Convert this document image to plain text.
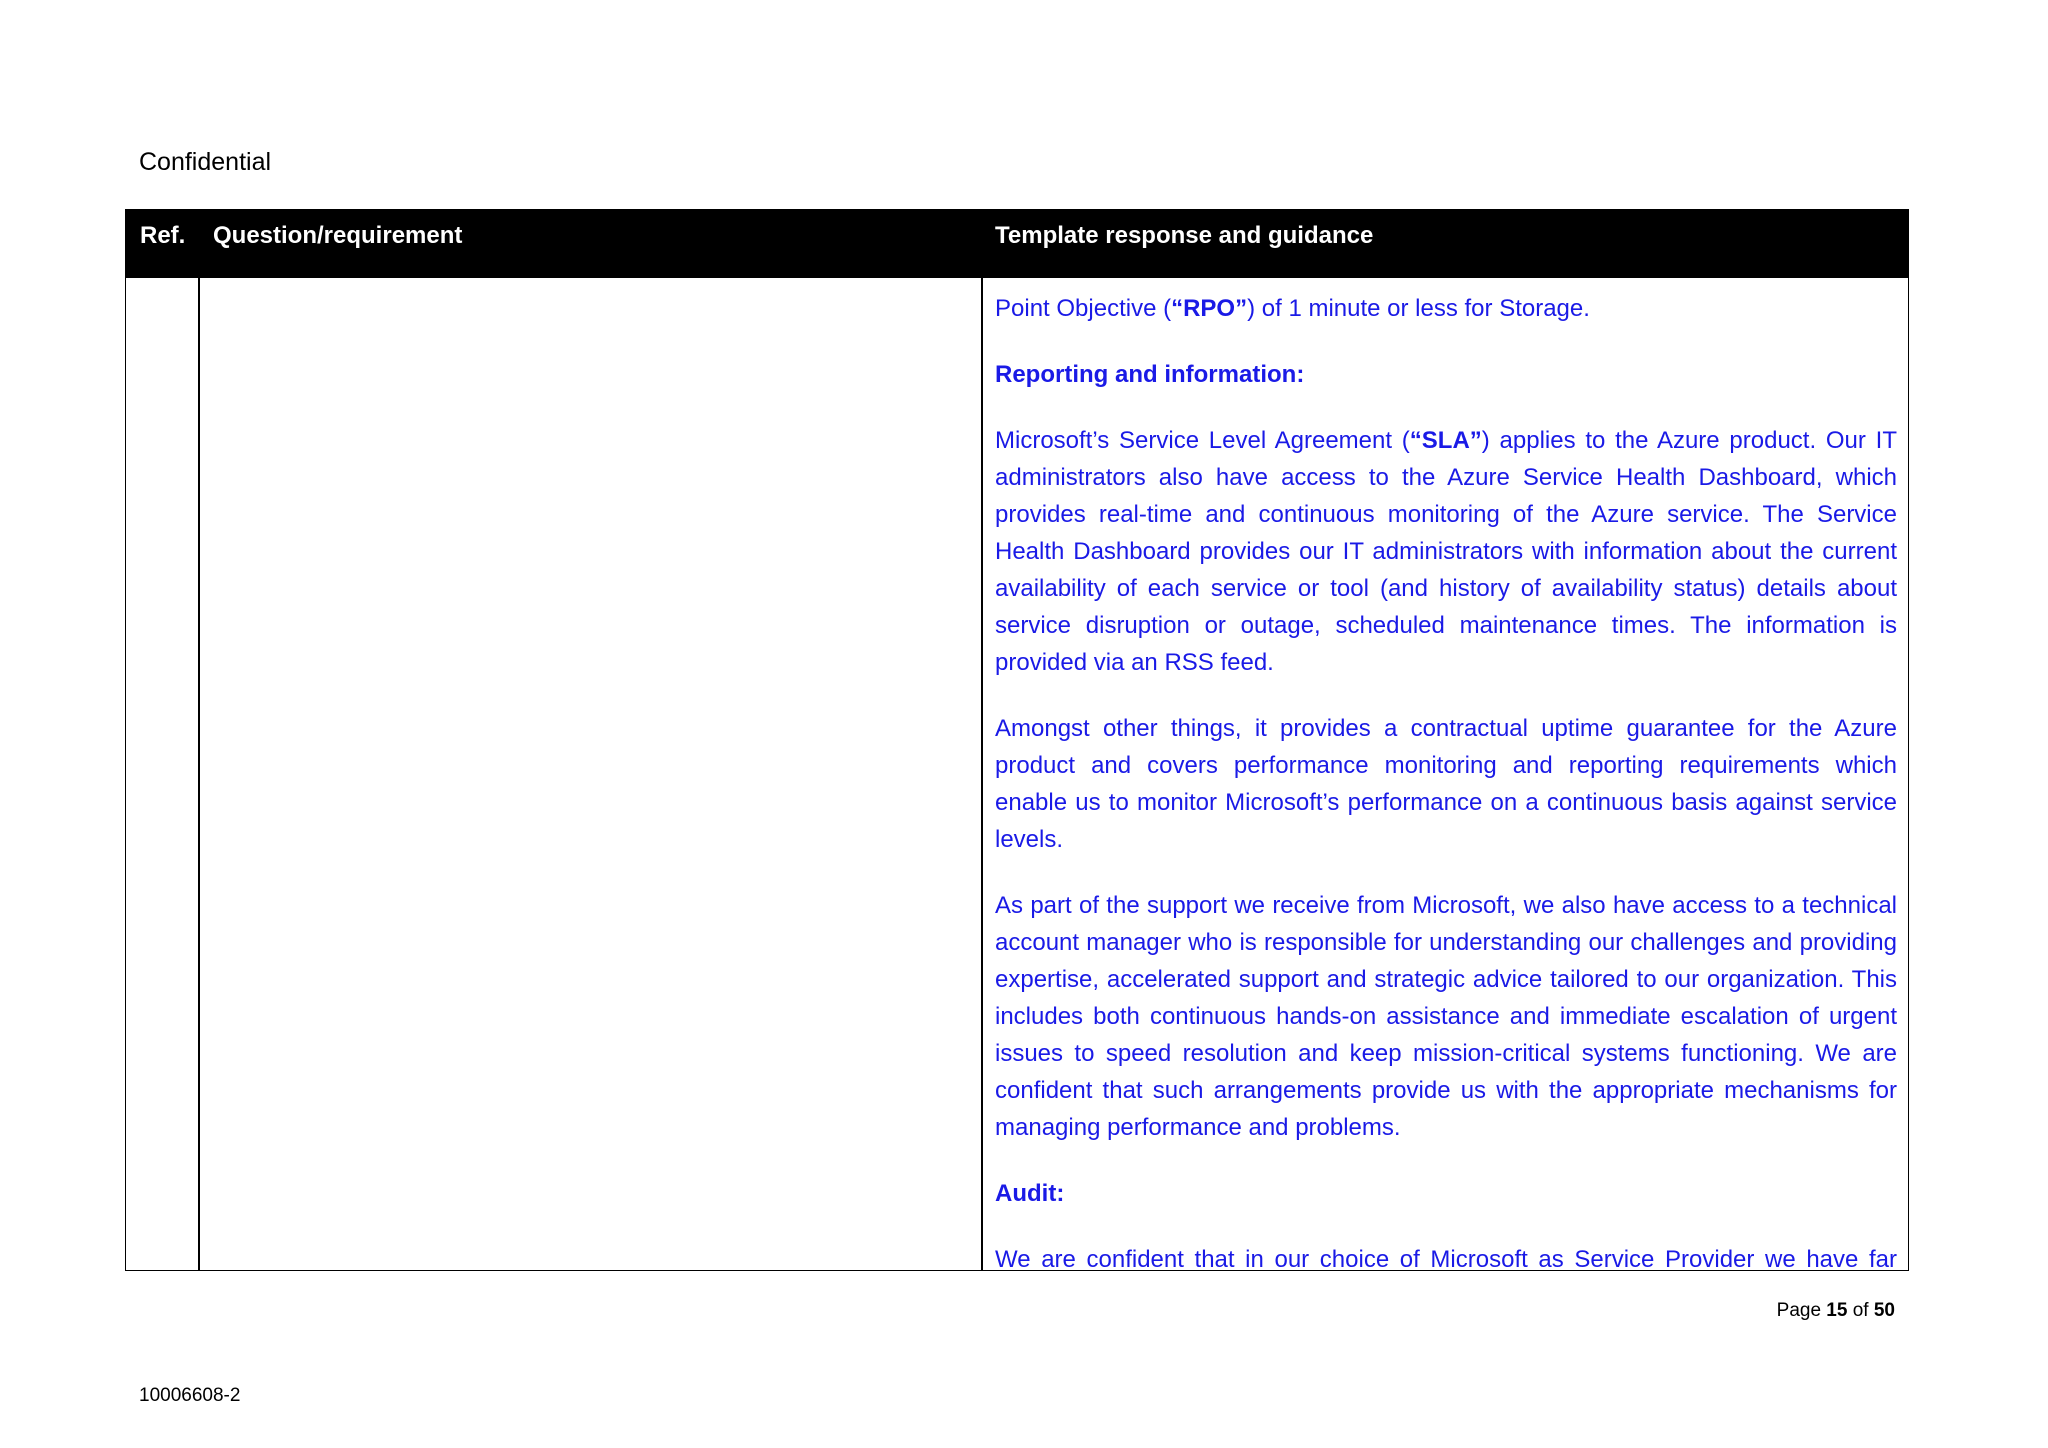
Confidential
Ref. Question/requirement	Template response and guidance

Point Objective (“RPO”) of 1 minute or less for Storage.

Reporting and information:

Microsoft’s Service Level Agreement (“SLA”) applies to the Azure product. Our IT administrators also have access to the Azure Service Health Dashboard, which provides real-time and continuous monitoring of the Azure service. The Service Health Dashboard provides our IT administrators with information about the current availability of each service or tool (and history of availability status) details about service disruption or outage, scheduled maintenance times. The information is provided via an RSS feed.

Amongst other things, it provides a contractual uptime guarantee for the Azure product and covers performance monitoring and reporting requirements which enable us to monitor Microsoft’s performance on a continuous basis against service levels.

As part of the support we receive from Microsoft, we also have access to a technical account manager who is responsible for understanding our challenges and providing expertise, accelerated support and strategic advice tailored to our organization. This includes both continuous hands-on assistance and immediate escalation of urgent issues to speed resolution and keep mission-critical systems functioning. We are confident that such arrangements provide us with the appropriate mechanisms for managing performance and problems.

Audit:

We are confident that in our choice of Microsoft as Service Provider we have far

Page 15 of 50
10006608-2
